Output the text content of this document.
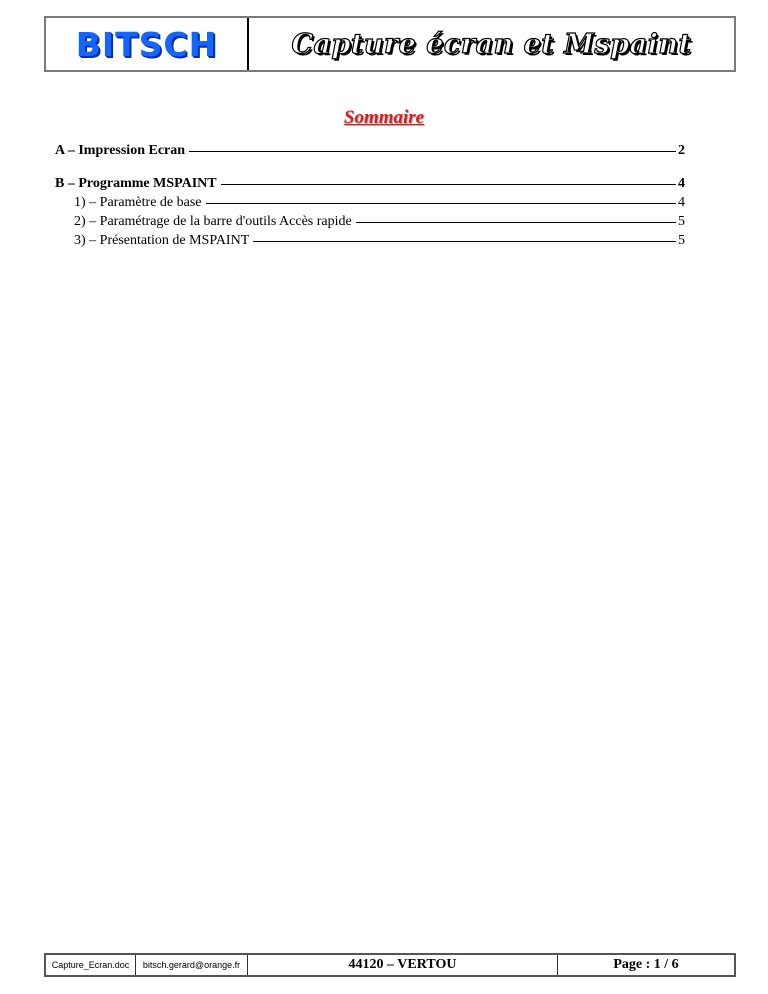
BITSCH	Capture écran et Mspaint
Sommaire
A – Impression Ecran	2
B – Programme MSPAINT	4
1) – Paramètre de base	4
2) – Paramétrage de la barre d'outils Accès rapide	5
3) – Présentation de MSPAINT	5
Capture_Ecran.doc	bitsch.gerard@orange.fr	44120 – VERTOU	Page : 1 / 6
